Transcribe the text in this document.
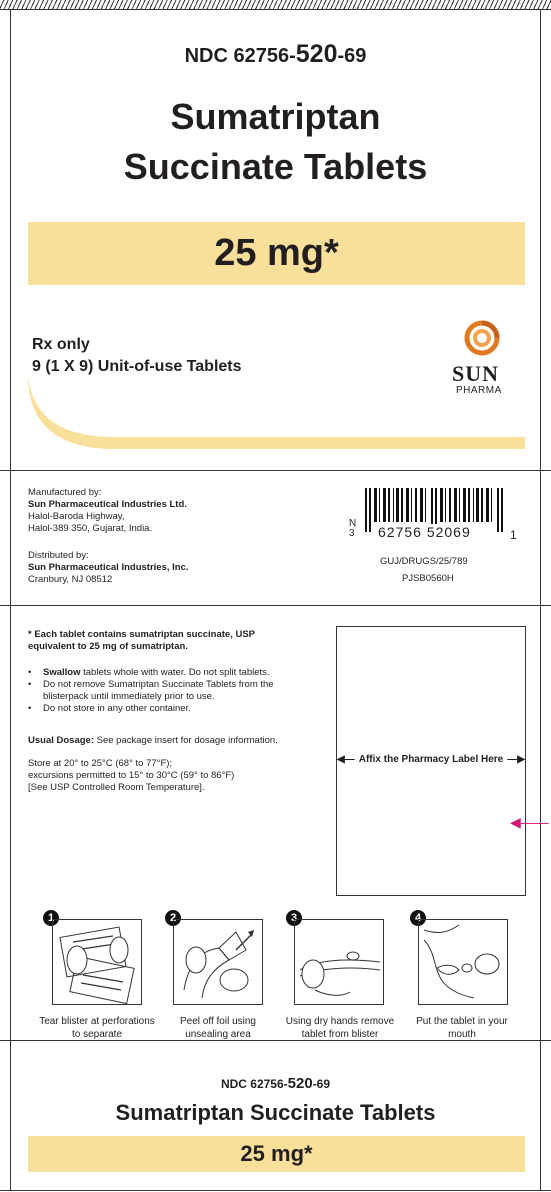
NDC 62756-520-69
Sumatriptan
Succinate Tablets
25 mg*
Rx only
9 (1 X 9) Unit-of-use Tablets	SUN
PHARMA
Manufactured by:
Sun Pharmaceutical Industries Ltd.
Halol-Baroda Highway,
Halol-389 350, Gujarat, India.
Distributed by:
Sun Pharmaceutical Industries, Inc.
Cranbury, NJ 08512
N
3 62756 52069	1
GUJ/DRUGS/25/789
PJSB0560H
* Each tablet contains sumatriptan succinate, USP equivalent to 25 mg of sumatriptan.
•	Swallow tablets whole with water. Do not split tablets.
•	Do not remove Sumatriptan Succinate Tablets from the blisterpack until immediately prior to use.
•	Do not store in any other container.
Usual Dosage: See package insert for dosage information.
Store at 20° to 25°C (68° to 77°F);
excursions permitted to 15° to 30°C (59° to 86°F)
[See USP Controlled Room Temperature].
◀— Affix the Pharmacy Label Here —▶
◀——
1
Tear blister at perforations to separate
2
Peel off foil using unsealing area
3
Using dry hands remove tablet from blister
4
Put the tablet in your mouth
NDC 62756-520-69
Sumatriptan Succinate Tablets
25 mg*
